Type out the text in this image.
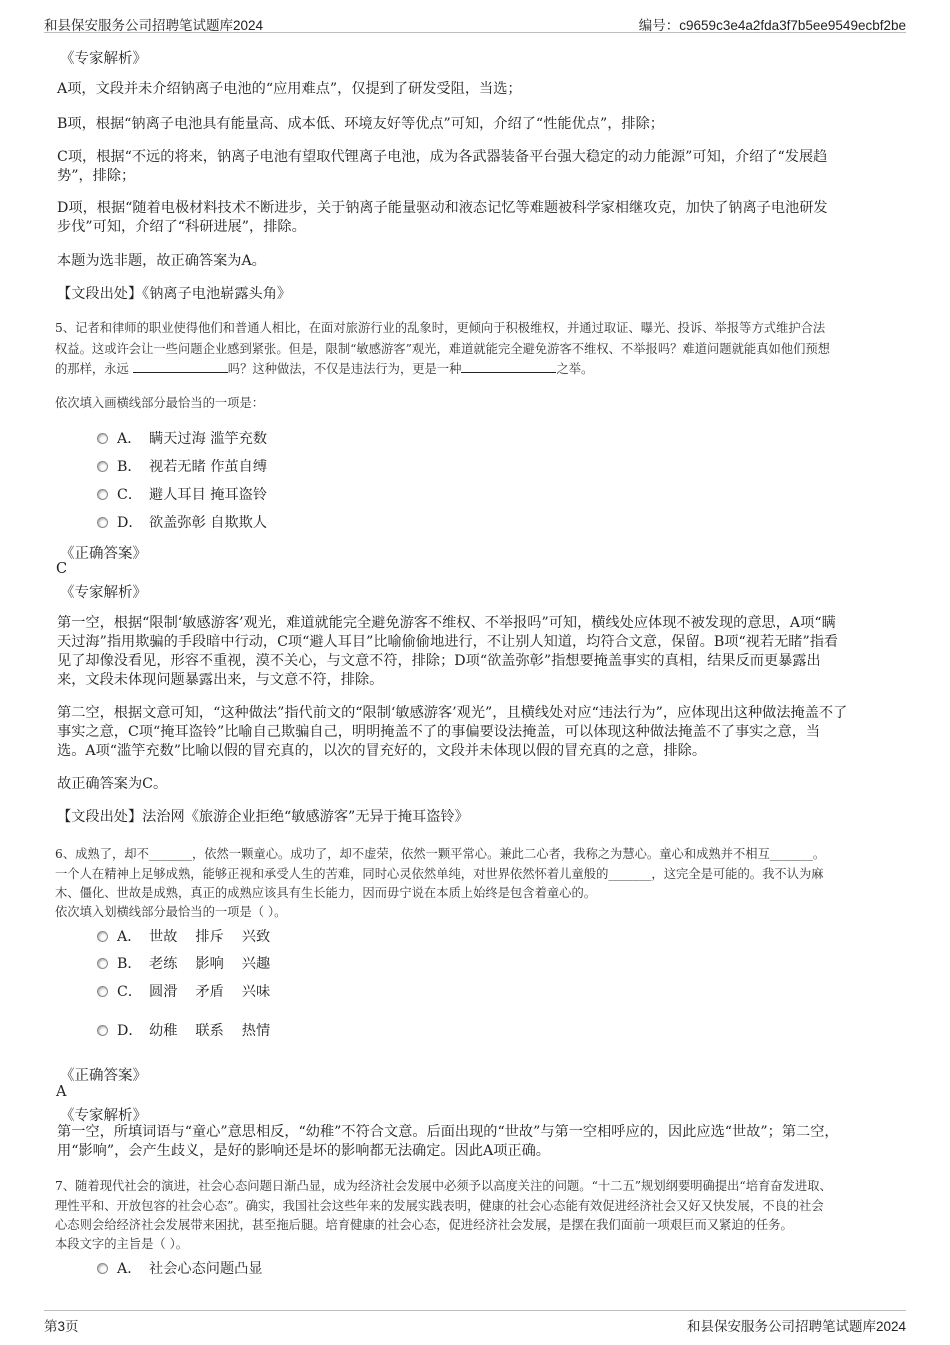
和县保安服务公司招聘笔试题库2024	编号：c9659c3e4a2fda3f7b5ee9549ecbf2be
《专家解析》
A项，文段并未介绍钠离子电池的“应用难点”，仅提到了研发受阻，当选；
B项，根据“钠离子电池具有能量高、成本低、环境友好等优点”可知，介绍了“性能优点”，排除；
C项，根据“不远的将来，钠离子电池有望取代锂离子电池，成为各武器装备平台强大稳定的动力能源”可知，介绍了“发展趋
势”，排除；
D项，根据“随着电极材料技术不断进步，关于钠离子能量驱动和液态记忆等难题被科学家相继攻克，加快了钠离子电池研发
步伐”可知，介绍了“科研进展”，排除。
本题为选非题，故正确答案为A。
【文段出处】《钠离子电池崭露头角》
5、记者和律师的职业使得他们和普通人相比，在面对旅游行业的乱象时，更倾向于积极维权，并通过取证、曝光、投诉、举报等方式维护合法
权益。这或许会让一些问题企业感到紧张。但是，限制“敏感游客”观光，难道就能完全避免游客不维权、不举报吗？难道问题就能真如他们预想
的那样，永远	吗？这种做法，不仅是违法行为，更是一种	之举。
依次填入画横线部分最恰当的一项是：
A． 瞒天过海 滥竽充数
B． 视若无睹 作茧自缚
C． 避人耳目 掩耳盗铃
D． 欲盖弥彰 自欺欺人
《正确答案》
C
《专家解析》
第一空，根据“限制‘敏感游客’观光，难道就能完全避免游客不维权、不举报吗”可知，横线处应体现不被发现的意思，A项“瞒
天过海”指用欺骗的手段暗中行动，C项“避人耳目”比喻偷偷地进行，不让别人知道，均符合文意，保留。B项“视若无睹”指看
见了却像没看见，形容不重视，漠不关心，与文意不符，排除；D项“欲盖弥彰”指想要掩盖事实的真相，结果反而更暴露出
来，文段未体现问题暴露出来，与文意不符，排除。
第二空，根据文意可知，“这种做法”指代前文的“限制‘敏感游客’观光”，且横线处对应“违法行为”，应体现出这种做法掩盖不了
事实之意，C项“掩耳盗铃”比喻自己欺骗自己，明明掩盖不了的事偏要设法掩盖，可以体现这种做法掩盖不了事实之意，当
选。A项“滥竽充数”比喻以假的冒充真的，以次的冒充好的，文段并未体现以假的冒充真的之意，排除。
故正确答案为C。
【文段出处】法治网《旅游企业拒绝“敏感游客”无异于掩耳盗铃》
6、成熟了，却不_______，依然一颗童心。成功了，却不虚荣，依然一颗平常心。兼此二心者，我称之为慧心。童心和成熟并不相互_______。
一个人在精神上足够成熟，能够正视和承受人生的苦难，同时心灵依然单纯，对世界依然怀着儿童般的_______，这完全是可能的。我不认为麻
木、僵化、世故是成熟，真正的成熟应该具有生长能力，因而毋宁说在本质上始终是包含着童心的。
依次填入划横线部分最恰当的一项是（ ）。
A． 世故 排斥 兴致
B． 老练 影响 兴趣
C． 圆滑 矛盾 兴味
D． 幼稚 联系 热情
《正确答案》
A
《专家解析》
第一空，所填词语与“童心”意思相反，“幼稚”不符合文意。后面出现的“世故”与第一空相呼应的，因此应选“世故”；第二空，
用“影响”，会产生歧义，是好的影响还是坏的影响都无法确定。因此A项正确。
7、随着现代社会的演进，社会心态问题日渐凸显，成为经济社会发展中必须予以高度关注的问题。“十二五”规划纲要明确提出“培育奋发进取、
理性平和、开放包容的社会心态”。确实，我国社会这些年来的发展实践表明，健康的社会心态能有效促进经济社会又好又快发展，不良的社会
心态则会给经济社会发展带来困扰，甚至拖后腿。培育健康的社会心态，促进经济社会发展，是摆在我们面前一项艰巨而又紧迫的任务。
本段文字的主旨是（ ）。
A． 社会心态问题凸显
第3页	和县保安服务公司招聘笔试题库2024
